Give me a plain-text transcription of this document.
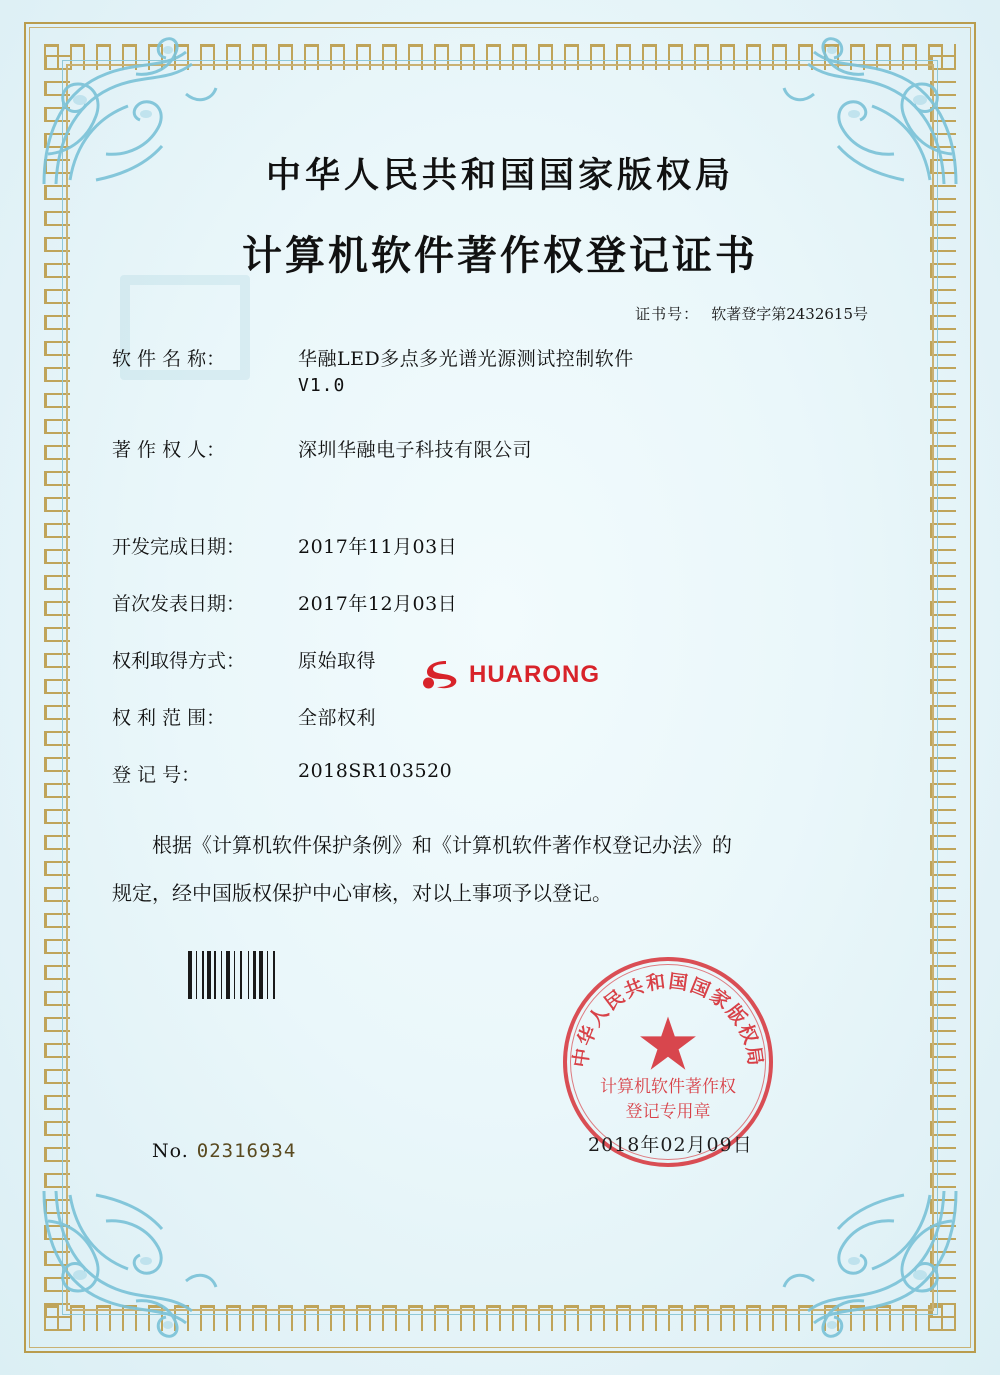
中华人民共和国国家版权局
计算机软件著作权登记证书
证书号： 软著登字第2432615号
软 件 名 称：	华融LED多点多光谱光源测试控制软件
V1.0
著 作 权 人：	深圳华融电子科技有限公司
开发完成日期：	2017年11月03日
首次发表日期：	2017年12月03日
权利取得方式：	原始取得
权 利 范 围：	全部权利
登 记 号：	2018SR103520
根据《计算机软件保护条例》和《计算机软件著作权登记办法》的
规定，经中国版权保护中心审核，对以上事项予以登记。
HUARONG
中华人民共和国国家版权局
计算机软件著作权
登记专用章
2018年02月09日
No. 02316934
